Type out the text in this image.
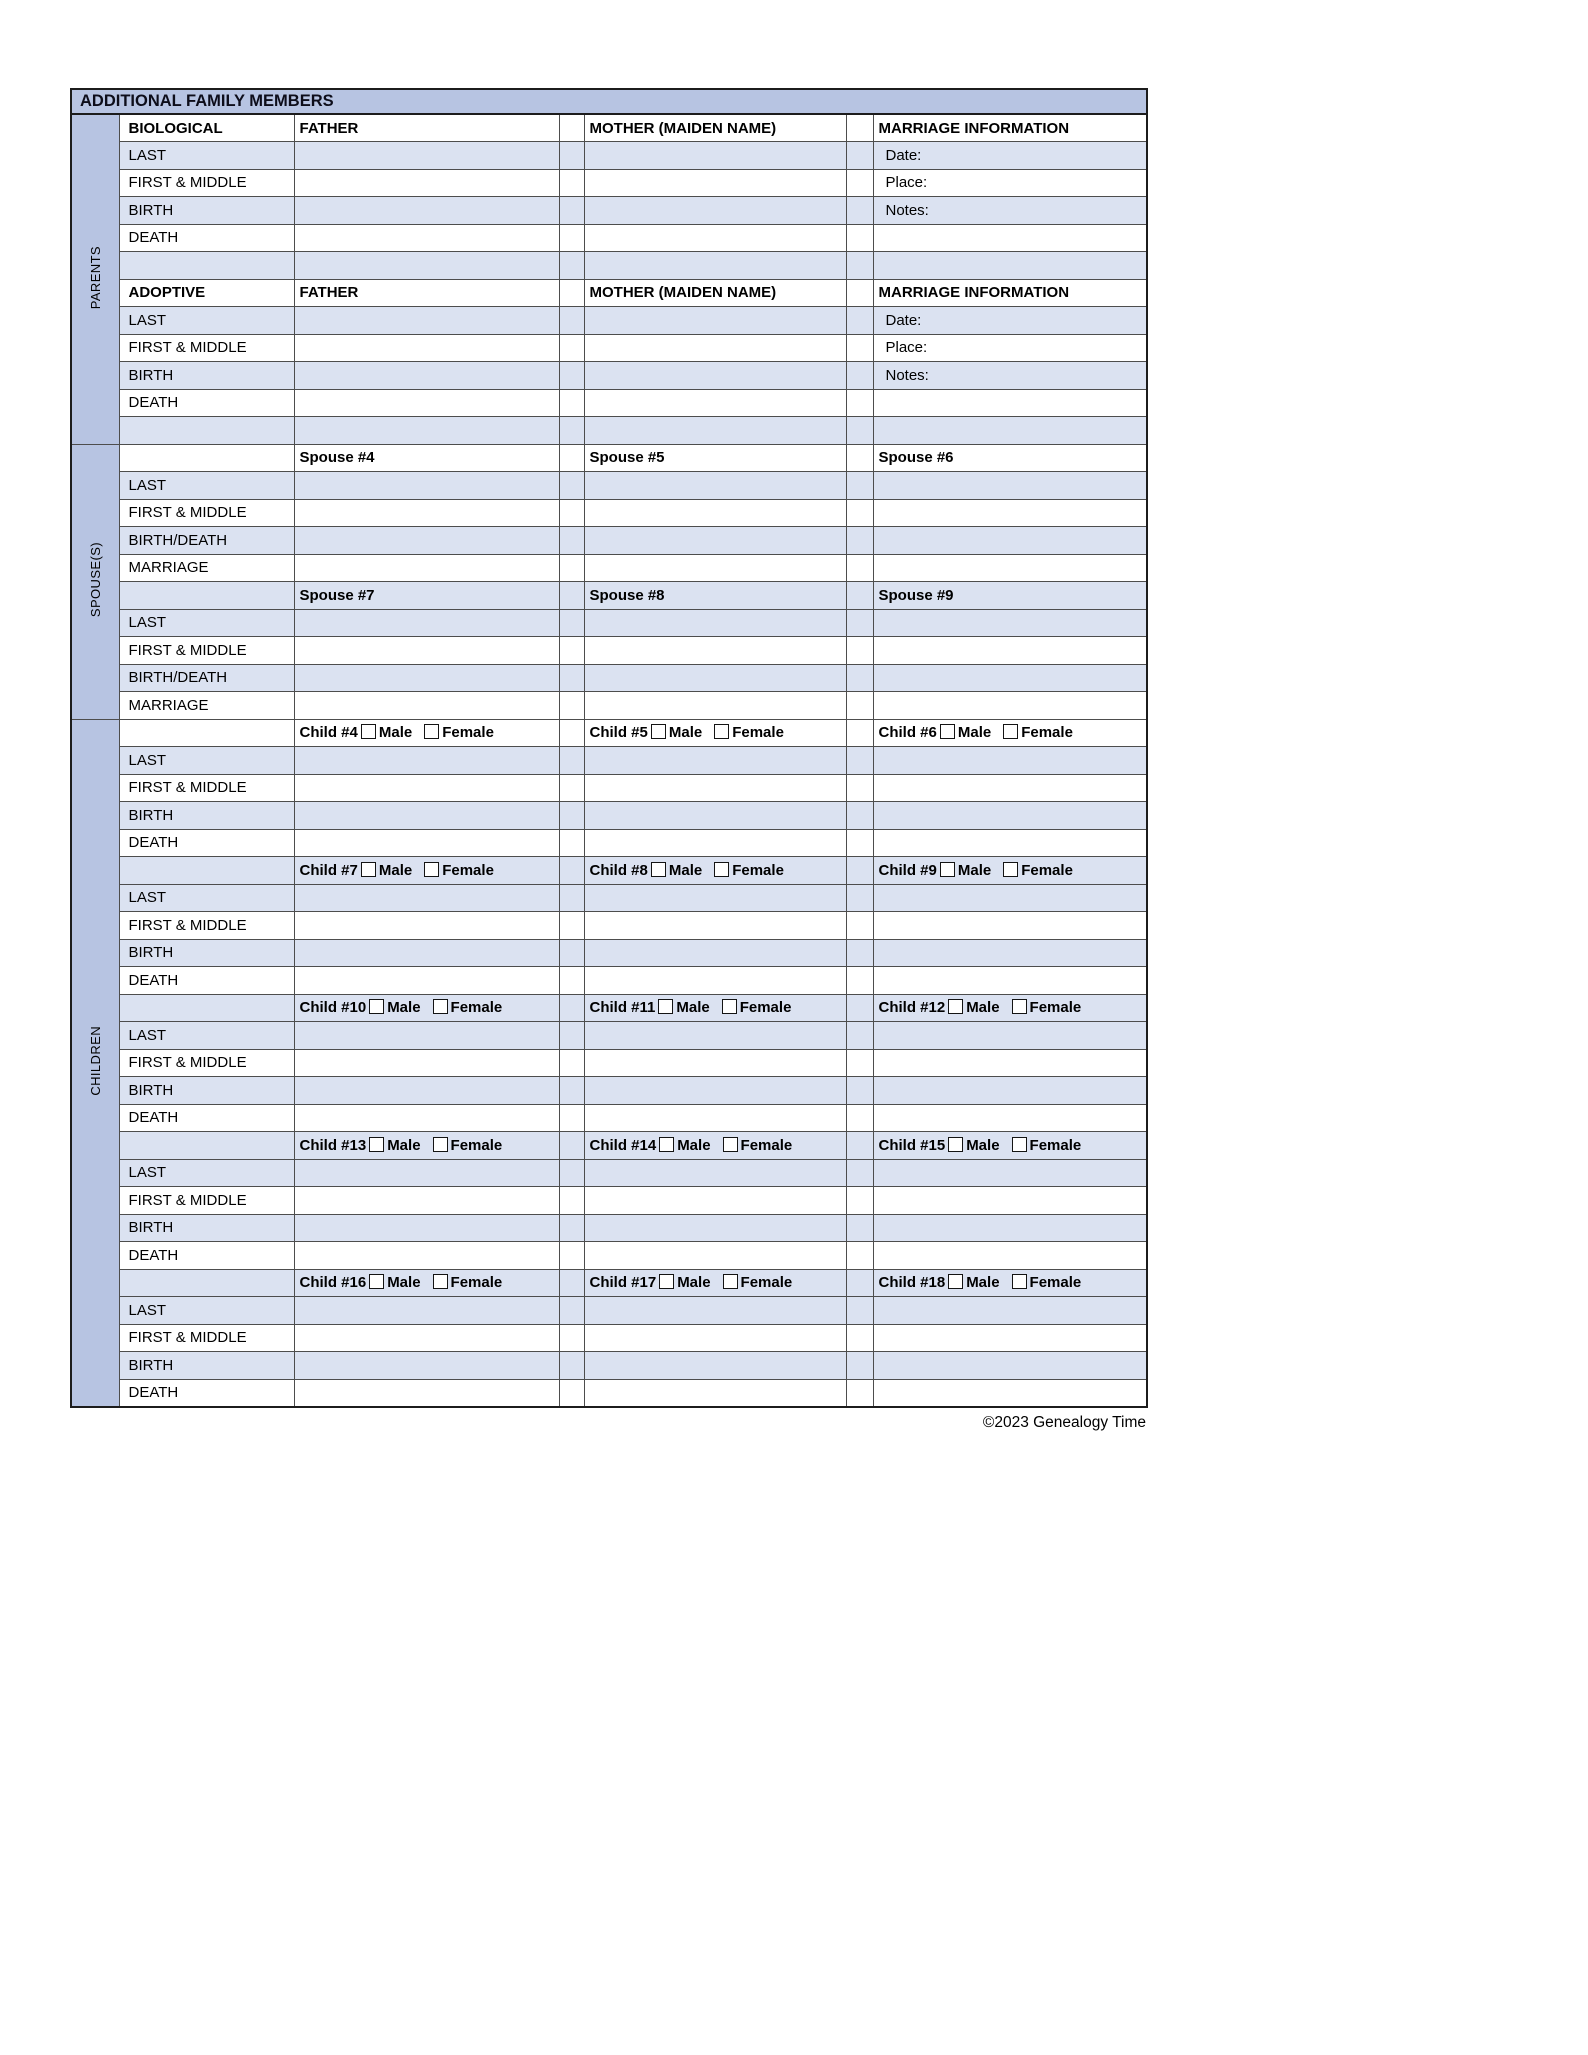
ADDITIONAL FAMILY MEMBERS						
PARENTS	BIOLOGICAL	FATHER		MOTHER (MAIDEN NAME)		MARRIAGE INFORMATION
	LAST					Date:
	FIRST & MIDDLE					Place:
	BIRTH					Notes:
	DEATH					

	ADOPTIVE	FATHER		MOTHER (MAIDEN NAME)		MARRIAGE INFORMATION
	LAST					Date:
	FIRST & MIDDLE					Place:
	BIRTH					Notes:
	DEATH					

SPOUSE(S)		Spouse #4		Spouse #5		Spouse #6
	LAST					
	FIRST & MIDDLE					
	BIRTH/DEATH					
	MARRIAGE					
		Spouse #7		Spouse #8		Spouse #9
	LAST					
	FIRST & MIDDLE					
	BIRTH/DEATH					
	MARRIAGE					
CHILDREN		Child #4 Male Female		Child #5 Male Female		Child #6 Male Female
	LAST					
	FIRST & MIDDLE					
	BIRTH					
	DEATH					
		Child #7 Male Female		Child #8 Male Female		Child #9 Male Female
	LAST					
	FIRST & MIDDLE					
	BIRTH					
	DEATH					
		Child #10 Male Female		Child #11 Male Female		Child #12 Male Female
	LAST					
	FIRST & MIDDLE					
	BIRTH					
	DEATH					
		Child #13 Male Female		Child #14 Male Female		Child #15 Male Female
	LAST					
	FIRST & MIDDLE					
	BIRTH					
	DEATH					
		Child #16 Male Female		Child #17 Male Female		Child #18 Male Female
	LAST					
	FIRST & MIDDLE					
	BIRTH					
	DEATH					
©2023 Genealogy Time
